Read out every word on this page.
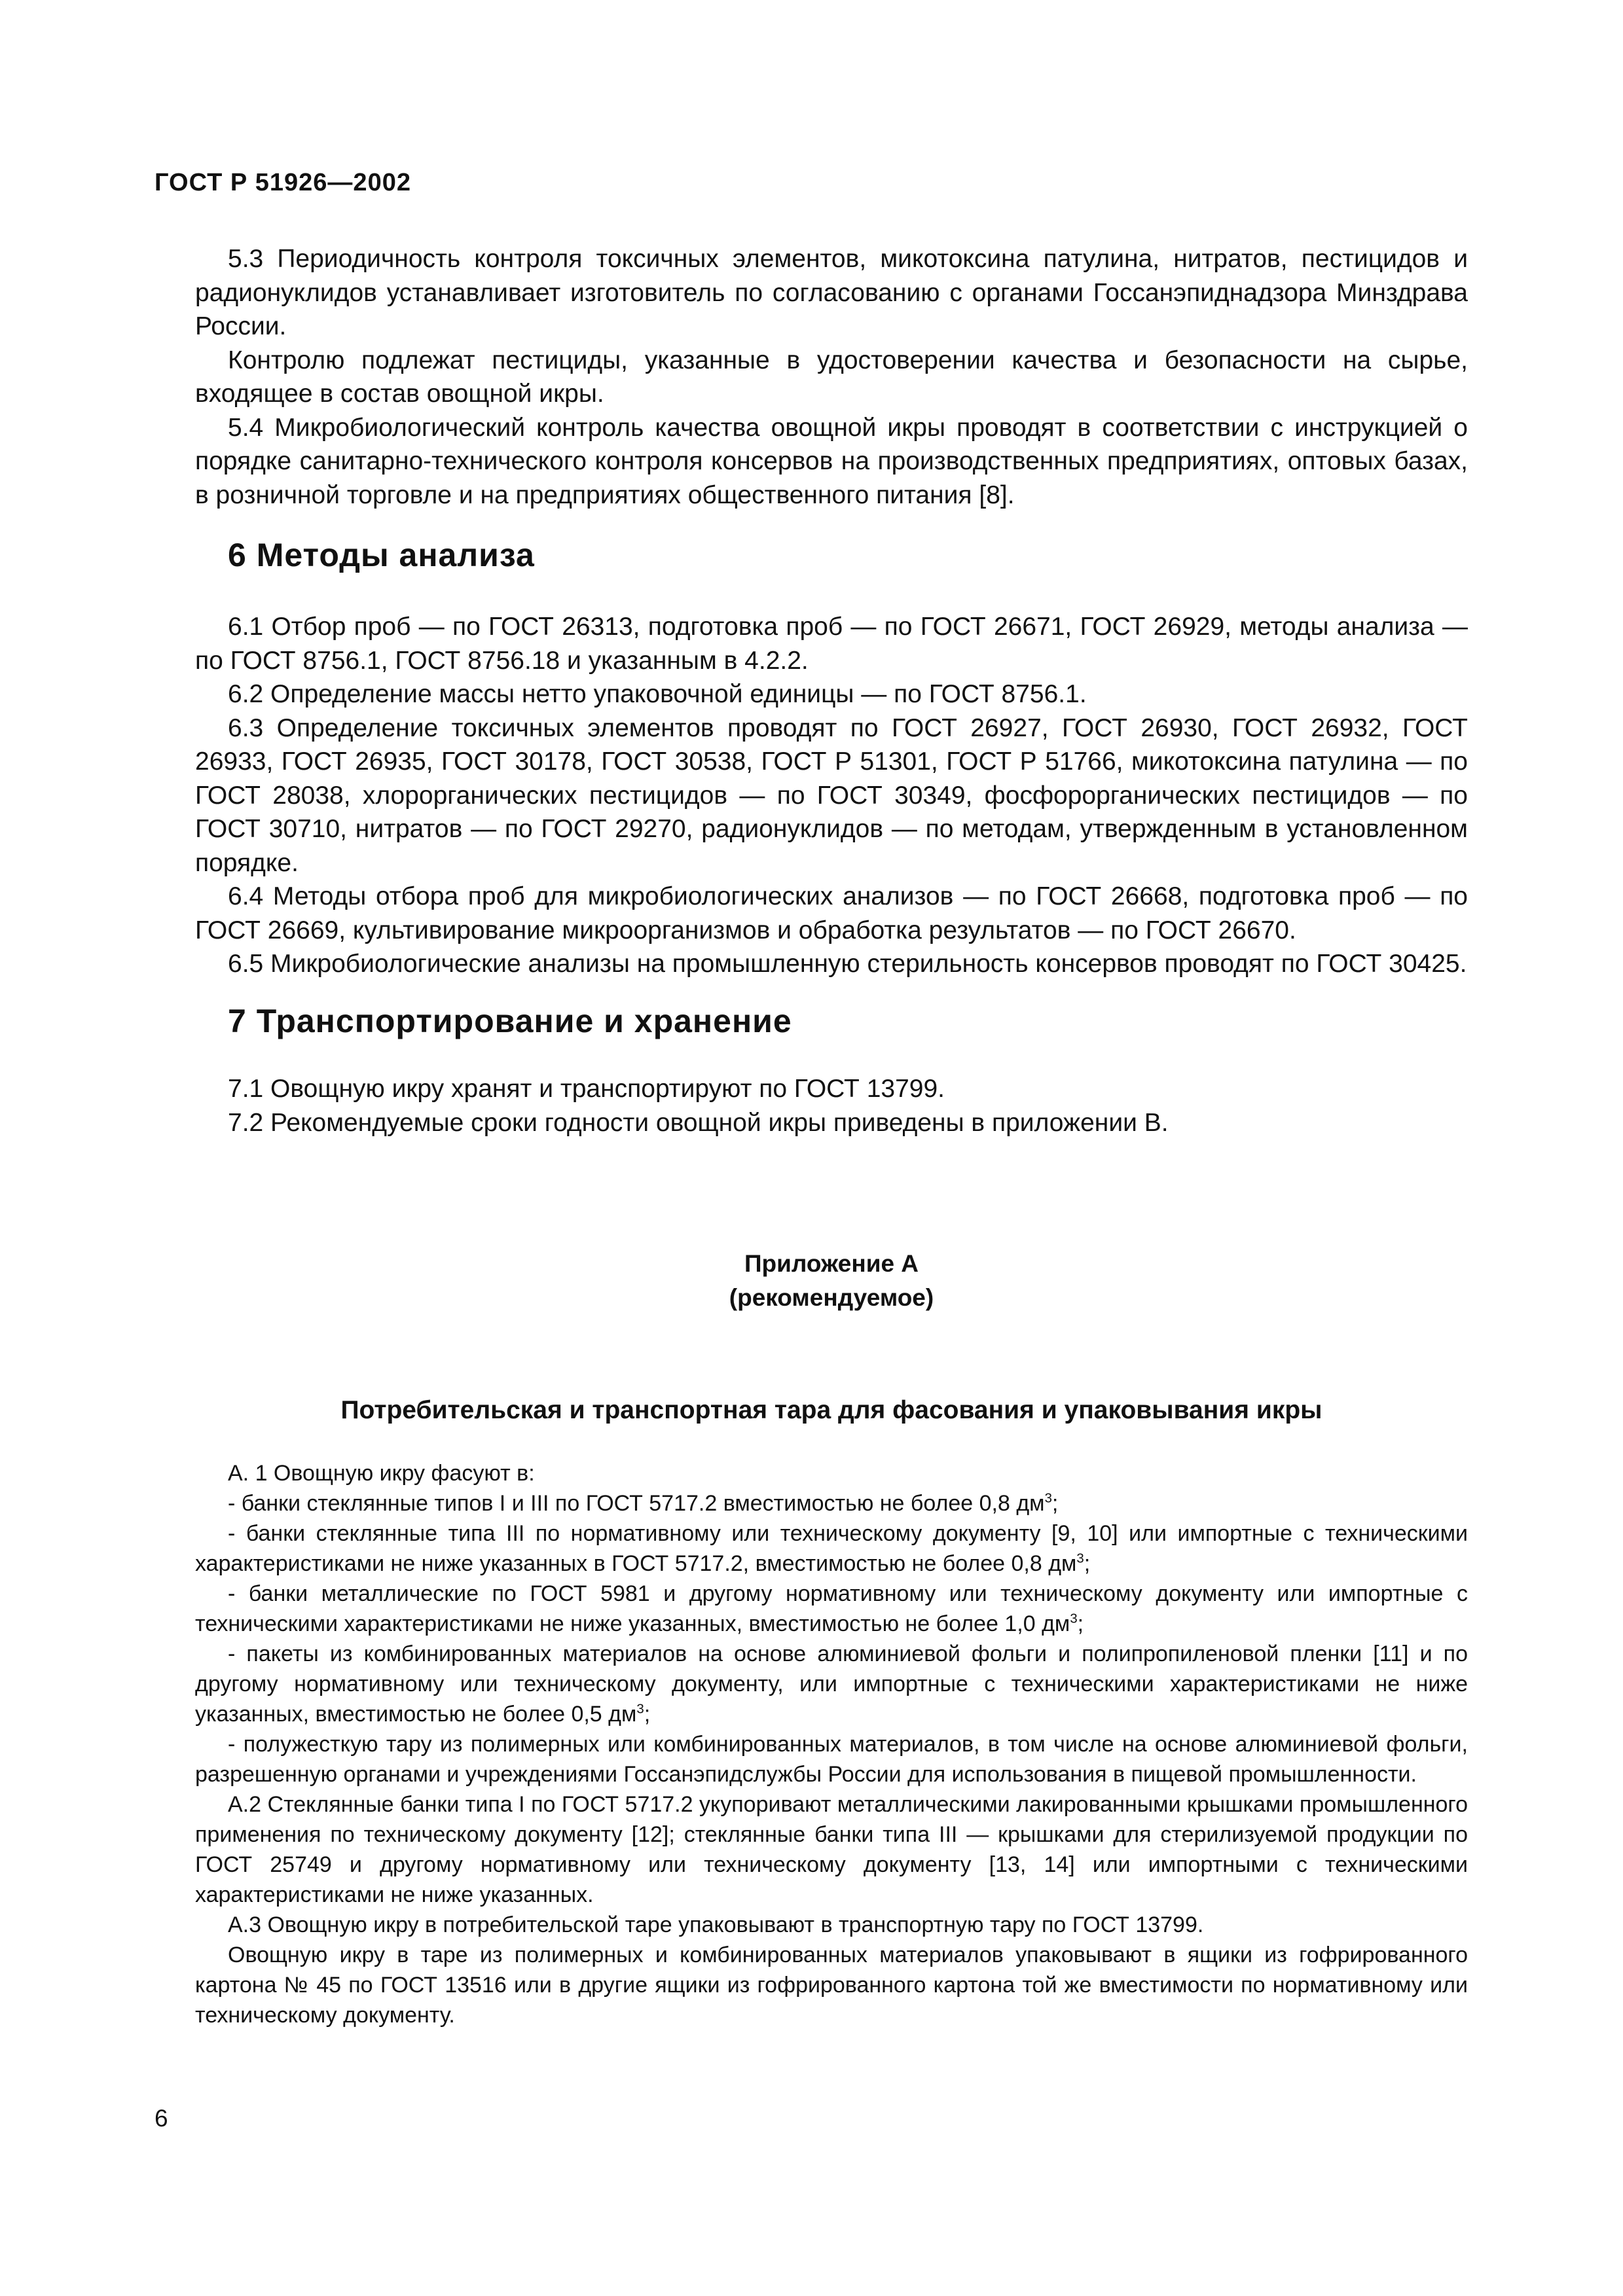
ГОСТ Р 51926—2002

5.3 Периодичность контроля токсичных элементов, микотоксина патулина, нитратов, пестицидов и радионуклидов устанавливает изготовитель по согласованию с органами Госсанэпиднадзора Минздрава России.

Контролю подлежат пестициды, указанные в удостоверении качества и безопасности на сырье, входящее в состав овощной икры.

5.4 Микробиологический контроль качества овощной икры проводят в соответствии с инструкцией о порядке санитарно-технического контроля консервов на производственных предприятиях, оптовых базах, в розничной торговле и на предприятиях общественного питания [8].

6 Методы анализа

6.1 Отбор проб — по ГОСТ 26313, подготовка проб — по ГОСТ 26671, ГОСТ 26929, методы анализа — по ГОСТ 8756.1, ГОСТ 8756.18 и указанным в 4.2.2.

6.2 Определение массы нетто упаковочной единицы — по ГОСТ 8756.1.

6.3 Определение токсичных элементов проводят по ГОСТ 26927, ГОСТ 26930, ГОСТ 26932, ГОСТ 26933, ГОСТ 26935, ГОСТ 30178, ГОСТ 30538, ГОСТ Р 51301, ГОСТ Р 51766, микотоксина патулина — по ГОСТ 28038, хлорорганических пестицидов — по ГОСТ 30349, фосфорорганических пестицидов — по ГОСТ 30710, нитратов — по ГОСТ 29270, радионуклидов — по методам, утвержденным в установленном порядке.

6.4 Методы отбора проб для микробиологических анализов — по ГОСТ 26668, подготовка проб — по ГОСТ 26669, культивирование микроорганизмов и обработка результатов — по ГОСТ 26670.

6.5 Микробиологические анализы на промышленную стерильность консервов проводят по ГОСТ 30425.

7 Транспортирование и хранение

7.1 Овощную икру хранят и транспортируют по ГОСТ 13799.

7.2 Рекомендуемые сроки годности овощной икры приведены в приложении В.

Приложение А
(рекомендуемое)
Потребительская и транспортная тара для фасования и упаковывания икры

А. 1 Овощную икру фасуют в:

- банки стеклянные типов I и III по ГОСТ 5717.2 вместимостью не более 0,8 $дм^3$;

- банки стеклянные типа III по нормативному или техническому документу [9, 10] или импортные с техническими характеристиками не ниже указанных в ГОСТ 5717.2, вместимостью не более 0,8 $дм^3$;

- банки металлические по ГОСТ 5981 и другому нормативному или техническому документу или импортные с техническими характеристиками не ниже указанных, вместимостью не более 1,0 $дм^3$;

- пакеты из комбинированных материалов на основе алюминиевой фольги и полипропиленовой пленки [11] и по другому нормативному или техническому документу, или импортные с техническими характеристиками не ниже указанных, вместимостью не более 0,5 $дм^3$;

- полужесткую тару из полимерных или комбинированных материалов, в том числе на основе алюминиевой фольги, разрешенную органами и учреждениями Госсанэпидслужбы России для использования в пищевой промышленности.

А.2 Стеклянные банки типа I по ГОСТ 5717.2 укупоривают металлическими лакированными крышками промышленного применения по техническому документу [12]; стеклянные банки типа III — крышками для стерилизуемой продукции по ГОСТ 25749 и другому нормативному или техническому документу [13, 14] или импортными с техническими характеристиками не ниже указанных.

А.3 Овощную икру в потребительской таре упаковывают в транспортную тару по ГОСТ 13799.

Овощную икру в таре из полимерных и комбинированных материалов упаковывают в ящики из гофрированного картона № 45 по ГОСТ 13516 или в другие ящики из гофрированного картона той же вместимости по нормативному или техническому документу.

6
